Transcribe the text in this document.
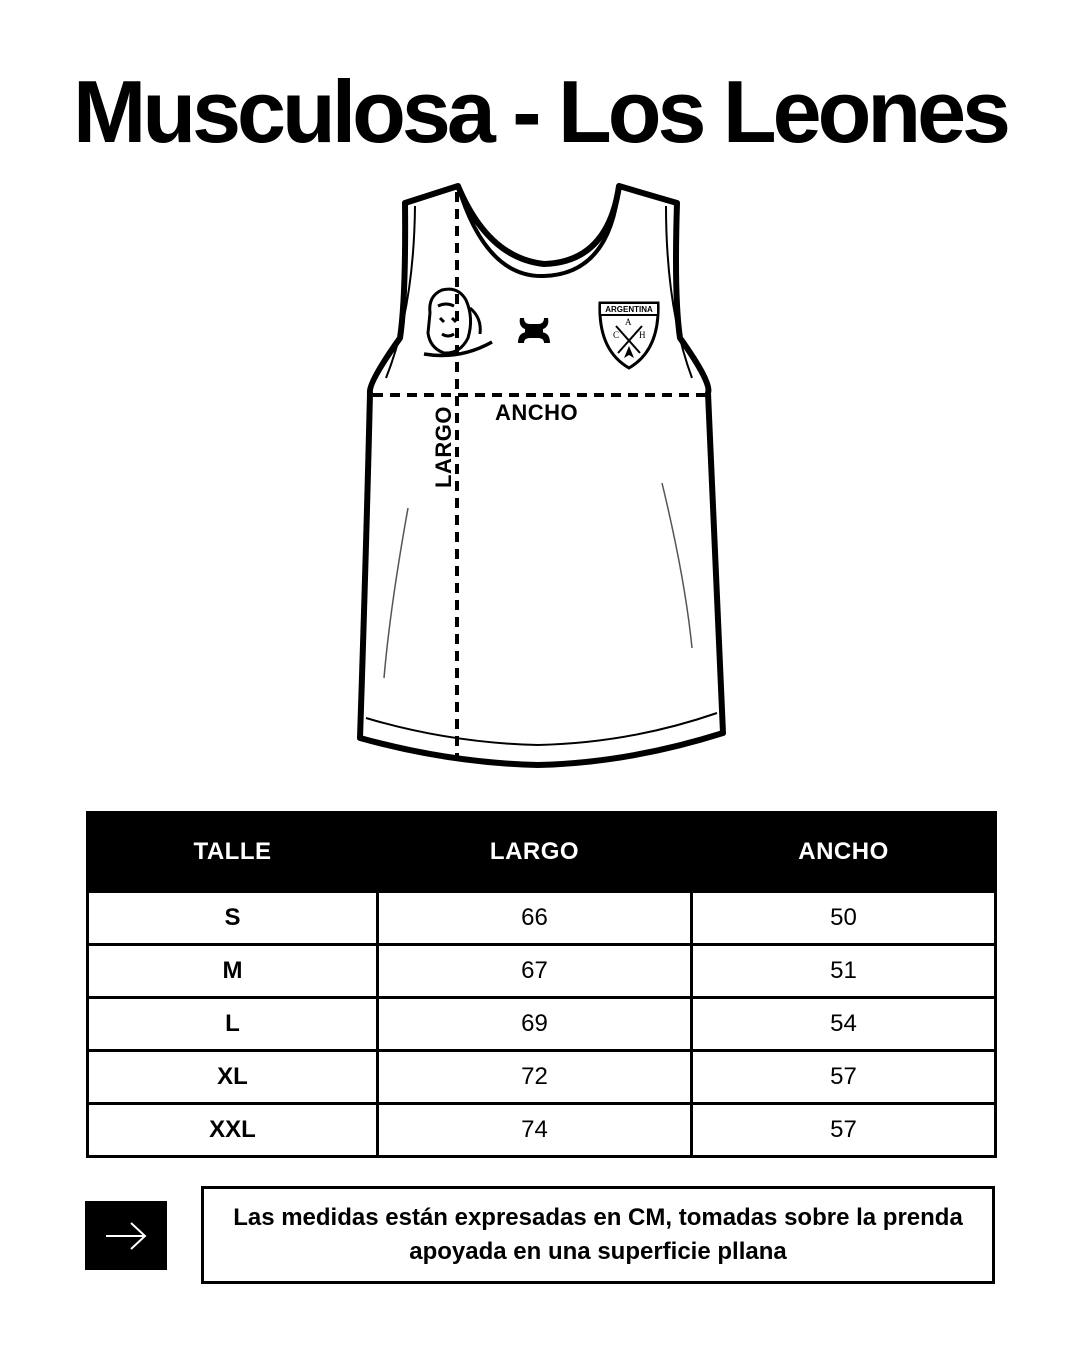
Musculosa - Los Leones
ARGENTINA
C
A
H
ANCHO
LARGO
TALLE	LARGO	ANCHO
S	66	50
M	67	51
L	69	54
XL	72	57
XXL	74	57
Las medidas están expresadas en CM, tomadas sobre la prenda apoyada en una superficie pllana
